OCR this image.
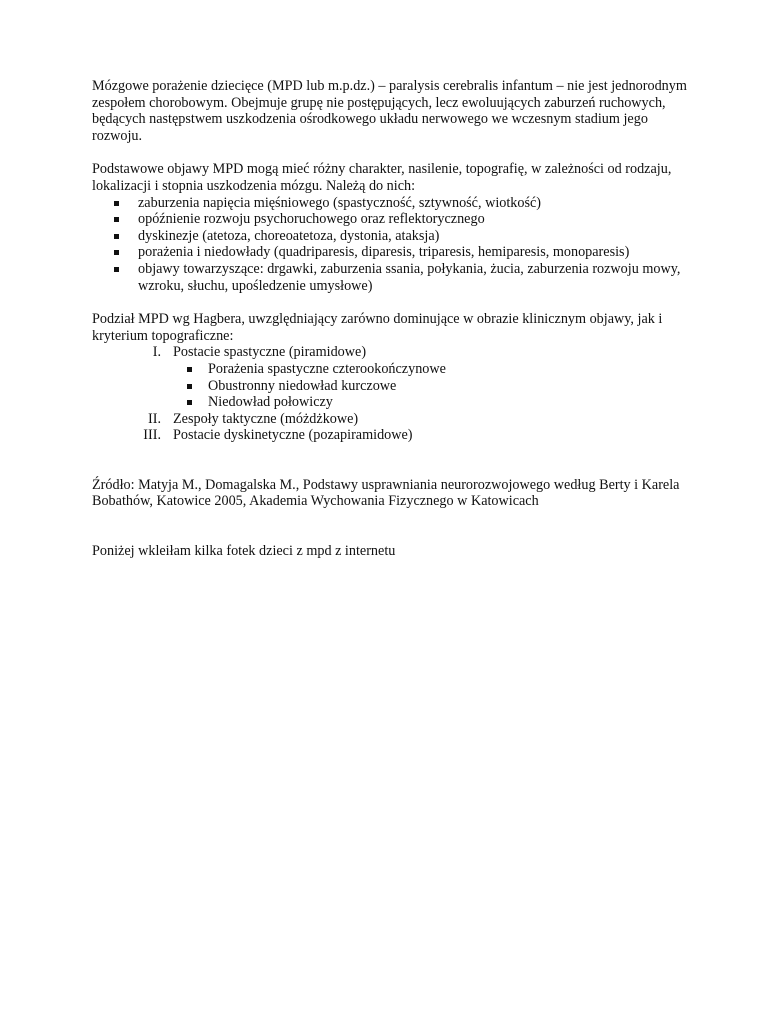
Mózgowe porażenie dziecięce (MPD lub m.p.dz.) – paralysis cerebralis infantum – nie jest jednorodnym zespołem chorobowym. Obejmuje grupę nie postępujących, lecz ewoluujących zaburzeń ruchowych, będących następstwem uszkodzenia ośrodkowego układu nerwowego we wczesnym stadium jego rozwoju.

Podstawowe objawy MPD mogą mieć różny charakter, nasilenie, topografię, w zależności od rodzaju, lokalizacji i stopnia uszkodzenia mózgu. Należą do nich:

zaburzenia napięcia mięśniowego (spastyczność, sztywność, wiotkość)
opóźnienie rozwoju psychoruchowego oraz reflektorycznego
dyskinezje (atetoza, choreoatetoza, dystonia, ataksja)
porażenia i niedowłady (quadriparesis, diparesis, triparesis, hemiparesis, monoparesis)
objawy towarzyszące: drgawki, zaburzenia ssania, połykania, żucia, zaburzenia rozwoju mowy, wzroku, słuchu, upośledzenie umysłowe)

Podział MPD wg Hagbera, uwzględniający zarówno dominujące w obrazie klinicznym objawy, jak i kryterium topograficzne:

I. Postacie spastyczne (piramidowe)
Porażenia spastyczne czterookończynowe
Obustronny niedowład kurczowe
Niedowład połowiczy
II. Zespoły taktyczne (móżdżkowe)
III. Postacie dyskinetyczne (pozapiramidowe)

Źródło: Matyja M., Domagalska M., Podstawy usprawniania neurorozwojowego według Berty i Karela Bobathów, Katowice 2005, Akademia Wychowania Fizycznego w Katowicach

Poniżej wkleiłam kilka fotek dzieci z mpd z internetu
